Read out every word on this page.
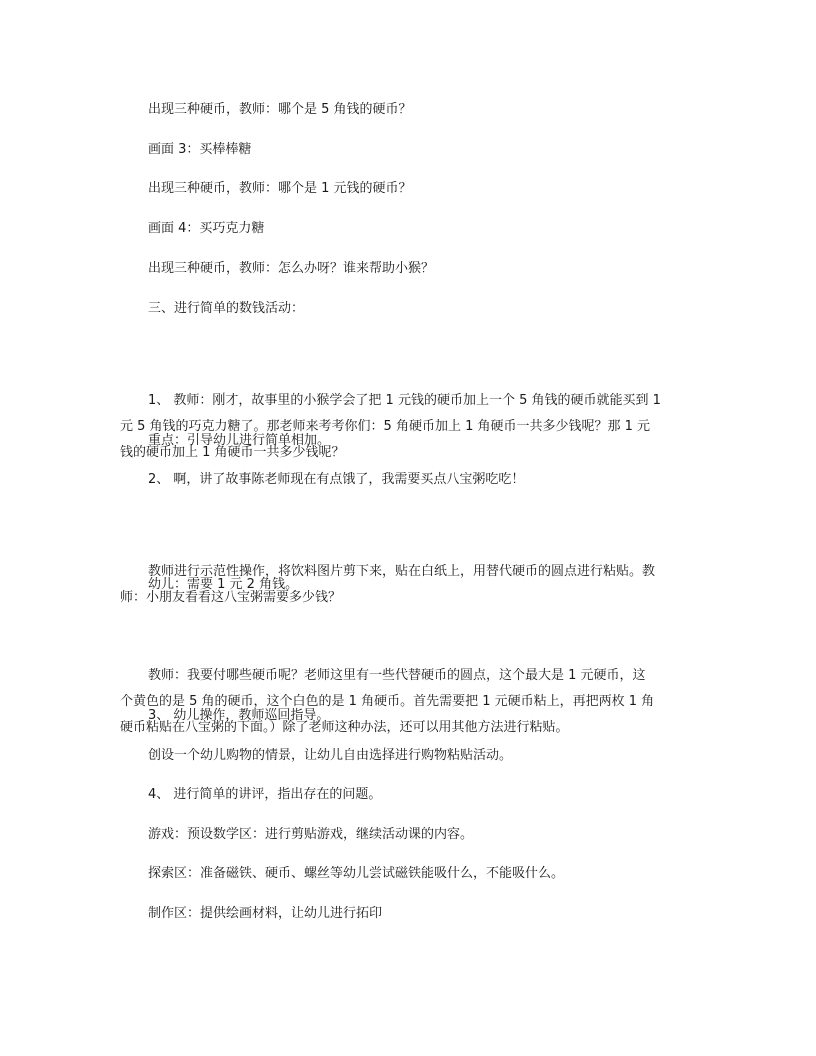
出现三种硬币，教师：哪个是 5 角钱的硬币？

画面 3：买棒棒糖

出现三种硬币，教师：哪个是 1 元钱的硬币？

画面 4：买巧克力糖

出现三种硬币，教师：怎么办呀？谁来帮助小猴？

三、进行简单的数钱活动：

1、 教师：刚才，故事里的小猴学会了把 1 元钱的硬币加上一个 5 角钱的硬币就能买到 1
元 5 角钱的巧克力糖了。那老师来考考你们：5 角硬币加上 1 角硬币一共多少钱呢？那 1 元
钱的硬币加上 1 角硬币一共多少钱呢？

重点：引导幼儿进行简单相加。

2、 啊，讲了故事陈老师现在有点饿了，我需要买点八宝粥吃吃！

教师进行示范性操作，将饮料图片剪下来，贴在白纸上，用替代硬币的圆点进行粘贴。教
师：小朋友看看这八宝粥需要多少钱？

幼儿：需要 1 元 2 角钱。

教师：我要付哪些硬币呢？老师这里有一些代替硬币的圆点，这个最大是 1 元硬币，这
个黄色的是 5 角的硬币，这个白色的是 1 角硬币。首先需要把 1 元硬币粘上，再把两枚 1 角
硬币粘贴在八宝粥的下面。）除了老师这种办法，还可以用其他方法进行粘贴。

3、 幼儿操作，教师巡回指导。

创设一个幼儿购物的情景，让幼儿自由选择进行购物粘贴活动。

4、 进行简单的讲评，指出存在的问题。

游戏：预设数学区：进行剪贴游戏，继续活动课的内容。

探索区：准备磁铁、硬币、螺丝等幼儿尝试磁铁能吸什么，不能吸什么。

制作区：提供绘画材料，让幼儿进行拓印
